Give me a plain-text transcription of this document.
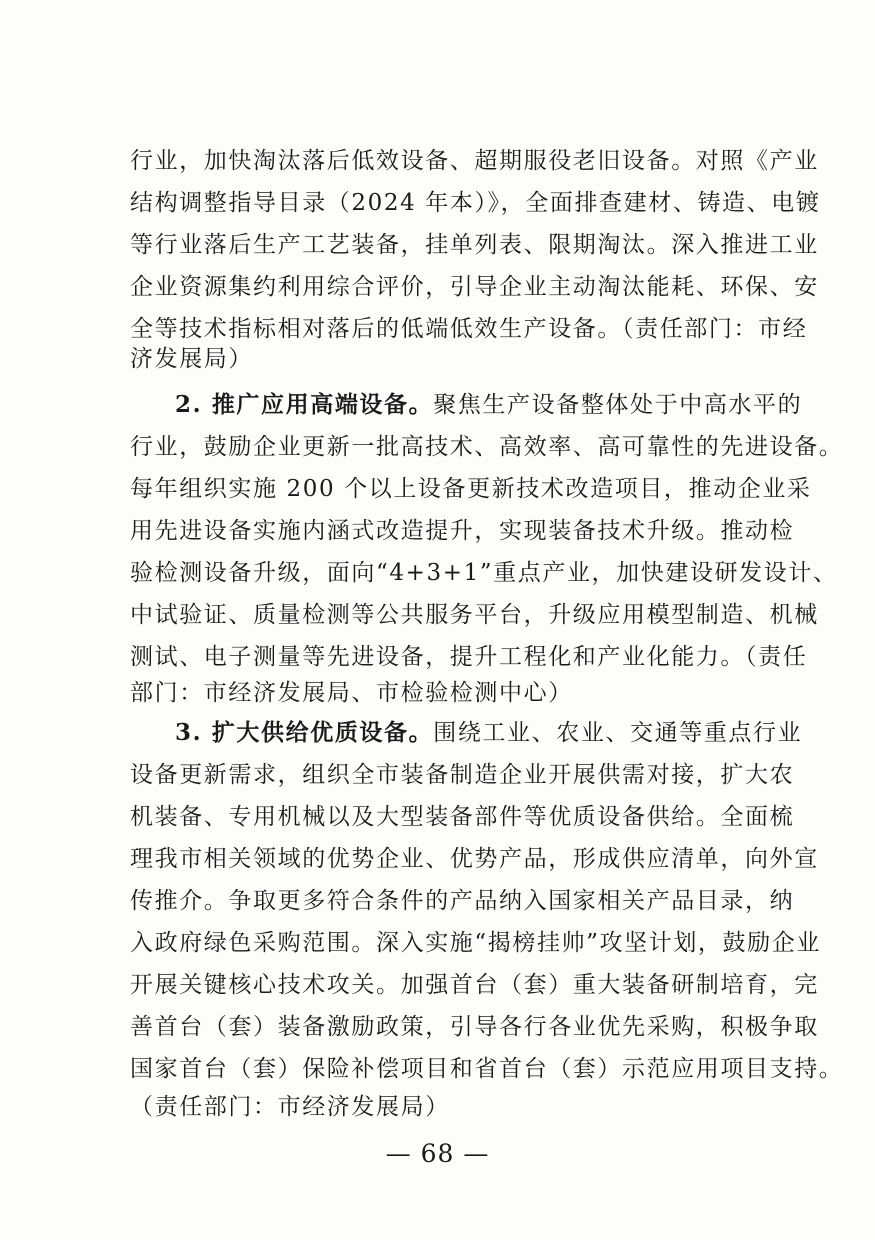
行业，加快淘汰落后低效设备、超期服役老旧设备。对照《产业
结构调整指导目录（2024 年本）》，全面排查建材、铸造、电镀
等行业落后生产工艺装备，挂单列表、限期淘汰。深入推进工业
企业资源集约利用综合评价，引导企业主动淘汰能耗、环保、安
全等技术指标相对落后的低端低效生产设备。（责任部门：市经
济发展局）
2. 推广应用高端设备。聚焦生产设备整体处于中高水平的
行业，鼓励企业更新一批高技术、高效率、高可靠性的先进设备。
每年组织实施 200 个以上设备更新技术改造项目，推动企业采
用先进设备实施内涵式改造提升，实现装备技术升级。推动检
验检测设备升级，面向“4+3+1”重点产业，加快建设研发设计、
中试验证、质量检测等公共服务平台，升级应用模型制造、机械
测试、电子测量等先进设备，提升工程化和产业化能力。（责任
部门：市经济发展局、市检验检测中心）
3. 扩大供给优质设备。围绕工业、农业、交通等重点行业
设备更新需求，组织全市装备制造企业开展供需对接，扩大农
机装备、专用机械以及大型装备部件等优质设备供给。全面梳
理我市相关领域的优势企业、优势产品，形成供应清单，向外宣
传推介。争取更多符合条件的产品纳入国家相关产品目录，纳
入政府绿色采购范围。深入实施“揭榜挂帅”攻坚计划，鼓励企业
开展关键核心技术攻关。加强首台（套）重大装备研制培育，完
善首台（套）装备激励政策，引导各行各业优先采购，积极争取
国家首台（套）保险补偿项目和省首台（套）示范应用项目支持。
（责任部门：市经济发展局）
— 68 —
